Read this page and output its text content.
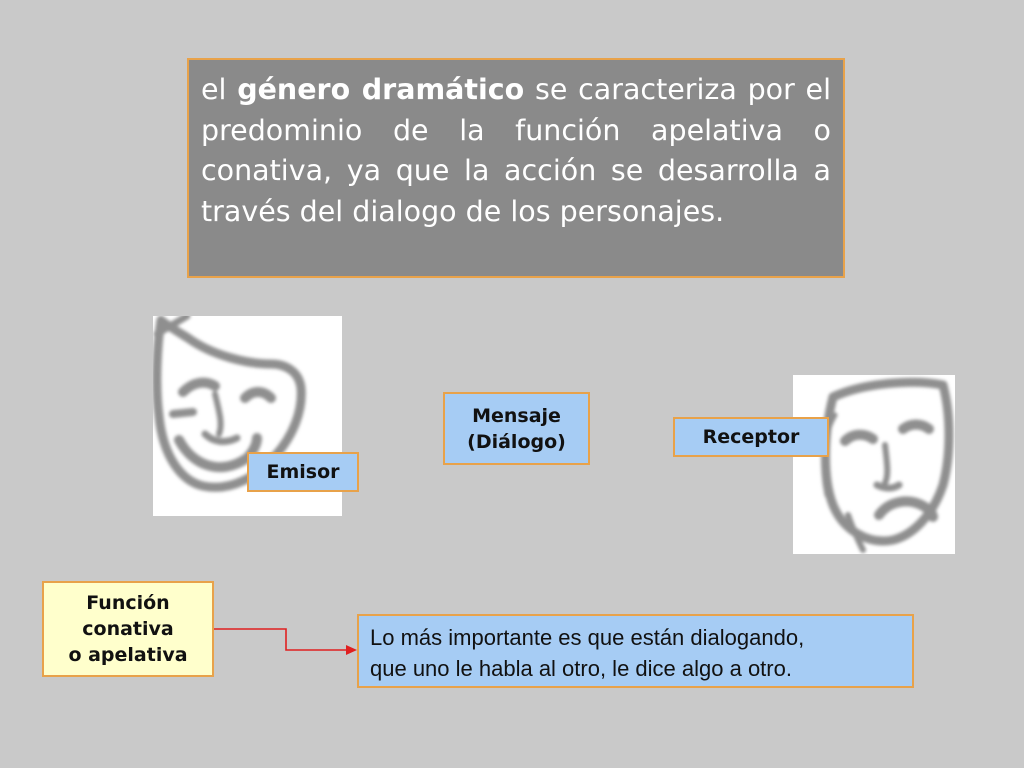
el género dramático se caracteriza por el predominio de la función apelativa o conativa, ya que la acción se desarrolla a través del dialogo de los personajes.
Emisor
Mensaje
(Diálogo)	Receptor
Función
conativa
o apelativa
Lo más importante es que están dialogando,
que uno le habla al otro, le dice algo a otro.
